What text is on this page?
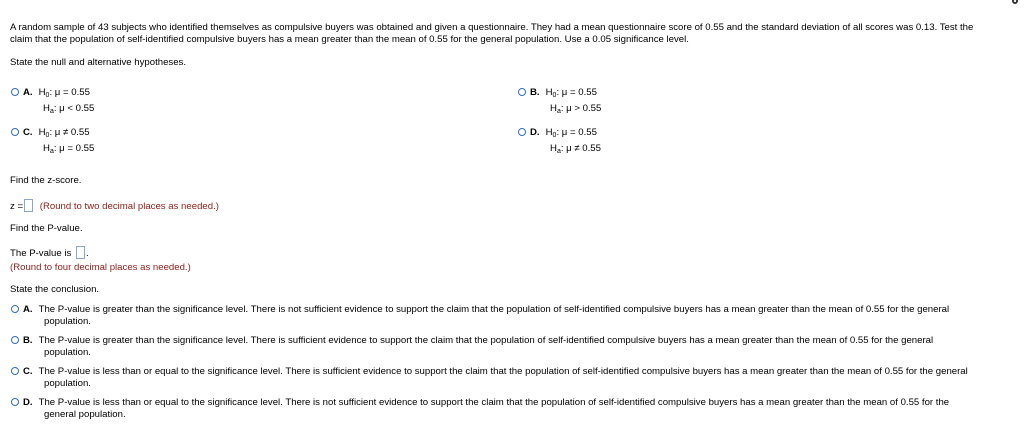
A random sample of 43 subjects who identified themselves as compulsive buyers was obtained and given a questionnaire. They had a mean questionnaire score of 0.55 and the standard deviation of all scores was 0.13. Test the
claim that the population of self-identified compulsive buyers has a mean greater than the mean of 0.55 for the general population. Use a 0.05 significance level.
State the null and alternative hypotheses.
A. $H_0$: μ = 0.55
$H_a$: μ < 0.55
B. $H_0$: μ = 0.55
$H_a$: μ > 0.55
C. $H_0$: μ ≠ 0.55
$H_a$: μ = 0.55
D. $H_0$: μ = 0.55
$H_a$: μ ≠ 0.55
Find the z-score.
z = (Round to two decimal places as needed.)
Find the P-value.
The P-value is .
(Round to four decimal places as needed.)
State the conclusion.
A. The P-value is greater than the significance level. There is not sufficient evidence to support the claim that the population of self-identified compulsive buyers has a mean greater than the mean of 0.55 for the general
population.
B. The P-value is greater than the significance level. There is sufficient evidence to support the claim that the population of self-identified compulsive buyers has a mean greater than the mean of 0.55 for the general
population.
C. The P-value is less than or equal to the significance level. There is sufficient evidence to support the claim that the population of self-identified compulsive buyers has a mean greater than the mean of 0.55 for the general
population.
D. The P-value is less than or equal to the significance level. There is not sufficient evidence to support the claim that the population of self-identified compulsive buyers has a mean greater than the mean of 0.55 for the
general population.
